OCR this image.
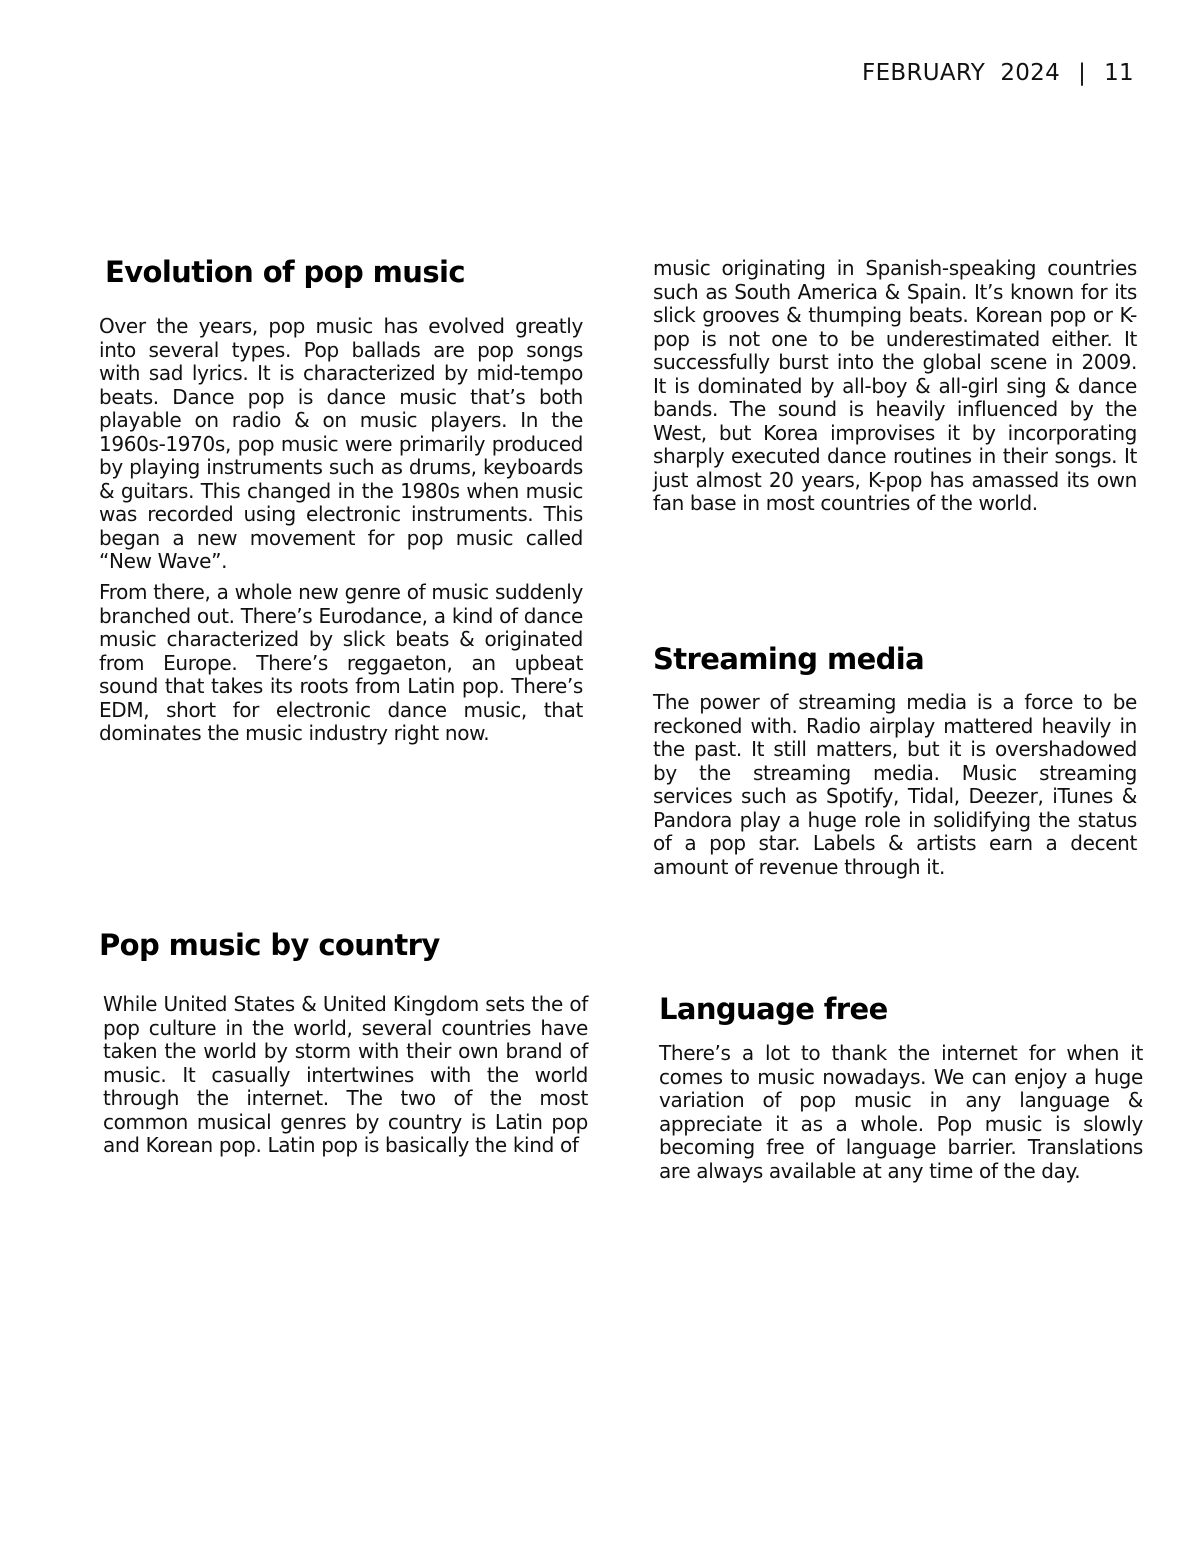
FEBRUARY  2024 | 11
Evolution of pop music

Over the years, pop music has evolved greatly into several types. Pop ballads are pop songs with sad lyrics. It is characterized by mid-tempo beats. Dance pop is dance music that’s both playable on radio & on music players. In the 1960s-1970s, pop music were primarily produced by playing instruments such as drums, keyboards & guitars. This changed in the 1980s when music was recorded using electronic instruments. This began a new movement for pop music called “New Wave”.

From there, a whole new genre of music suddenly branched out. There’s Eurodance, a kind of dance music characterized by slick beats & originated from Europe. There’s reggaeton, an upbeat sound that takes its roots from Latin pop. There’s EDM, short for electronic dance music, that dominates the music industry right now.

Pop music by country

While United States & United Kingdom sets the of pop culture in the world, several countries have taken the world by storm with their own brand of music. It casually intertwines with the world through the internet. The two of the most common musical genres by country is Latin pop and Korean pop. Latin pop is basically the kind of

music originating in Spanish-speaking countries such as South America & Spain. It’s known for its slick grooves & thumping beats. Korean pop or K-pop is not one to be underestimated either. It successfully burst into the global scene in 2009. It is dominated by all-boy & all-girl sing & dance bands. The sound is heavily influenced by the West, but Korea improvises it by incorporating sharply executed dance routines in their songs. It just almost 20 years, K-pop has amassed its own fan base in most countries of the world.

Streaming media

The power of streaming media is a force to be reckoned with. Radio airplay mattered heavily in the past. It still matters, but it is overshadowed by the streaming media. Music streaming services such as Spotify, Tidal, Deezer, iTunes & Pandora play a huge role in solidifying the status of a pop star. Labels & artists earn a decent amount of revenue through it.

Language free

There’s a lot to thank the internet for when it comes to music nowadays. We can enjoy a huge variation of pop music in any language & appreciate it as a whole. Pop music is slowly becoming free of language barrier. Translations are always available at any time of the day.
